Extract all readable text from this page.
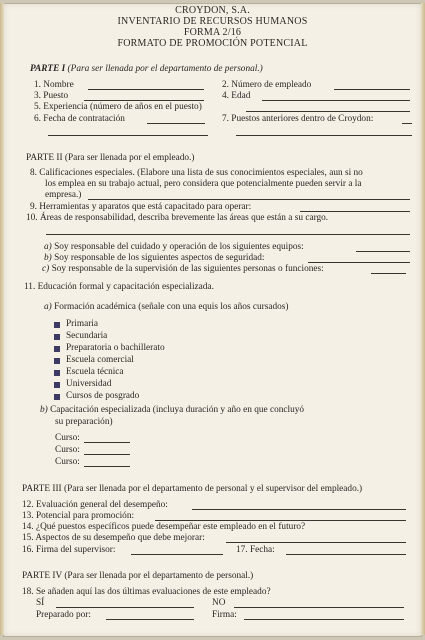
CROYDON, S.A.
INVENTARIO DE RECURSOS HUMANOS
FORMA 2/16
FORMATO DE PROMOCIÓN POTENCIAL
PARTE I (Para ser llenada por el departamento de personal.)
1. Nombre	2. Número de empleado
3. Puesto	4. Edad
5. Experiencia (número de años en el puesto)
6. Fecha de contratación	7. Puestos anteriores dentro de Croydon:
PARTE II (Para ser llenada por el empleado.)
8. Calificaciones especiales. (Elabore una lista de sus conocimientos especiales, aun si no
los emplea en su trabajo actual, pero considera que potencialmente pueden servir a la
empresa.)
9. Herramientas y aparatos que está capacitado para operar:
10. Áreas de responsabilidad, describa brevemente las áreas que están a su cargo.
a) Soy responsable del cuidado y operación de los siguientes equipos:
b) Soy responsable de los siguientes aspectos de seguridad:
c) Soy responsable de la supervisión de las siguientes personas o funciones:
11. Educación formal y capacitación especializada.
a) Formación académica (señale con una equis los años cursados)
Primaria
Secundaria
Preparatoria o bachillerato
Escuela comercial
Escuela técnica
Universidad
Cursos de posgrado
b) Capacitación especializada (incluya duración y año en que concluyó
su preparación)
Curso:
Curso:
Curso:
PARTE III (Para ser llenada por el departamento de personal y el supervisor del empleado.)
12. Evaluación general del desempeño:
13. Potencial para promoción:
14. ¿Qué puestos específicos puede desempeñar este empleado en el futuro?
15. Aspectos de su desempeño que debe mejorar:
16. Firma del supervisor:	17. Fecha:
PARTE IV (Para ser llenada por el departamento de personal.)
18. Se añaden aquí las dos últimas evaluaciones de este empleado?
SÍ	NO
Preparado por:	Firma:
